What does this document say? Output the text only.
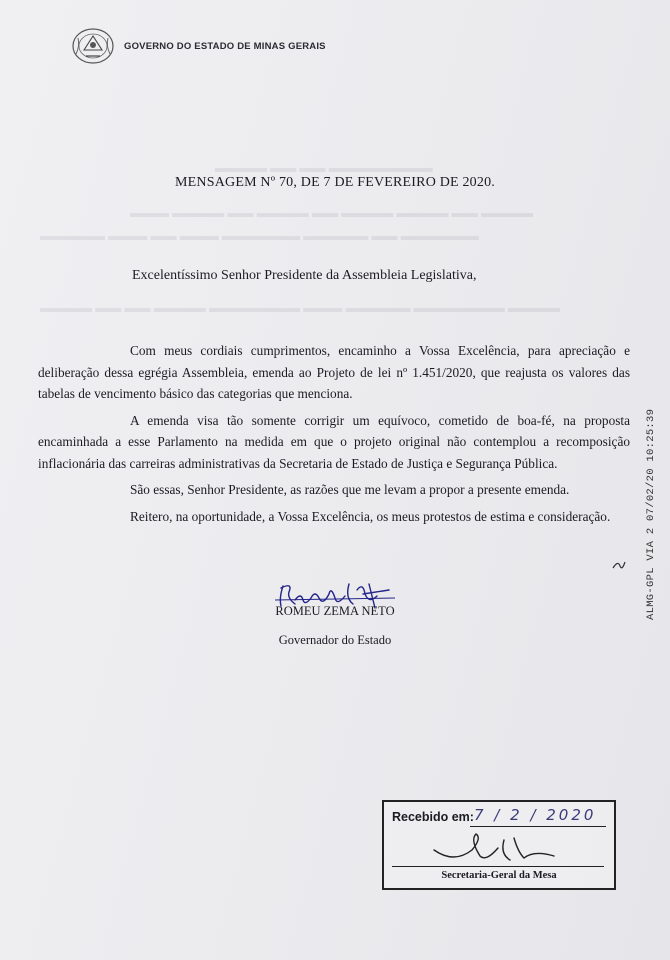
GOVERNO DO ESTADO DE MINAS GERAIS
▬▬▬▬ ▬▬ ▬▬ ▬▬▬▬▬▬▬▬
▬▬▬ ▬▬▬▬ ▬▬ ▬▬▬▬ ▬▬ ▬▬▬▬ ▬▬▬▬ ▬▬ ▬▬▬▬
▬▬▬▬▬ ▬▬▬ ▬▬ ▬▬▬ ▬▬▬▬▬▬ ▬▬▬▬▬ ▬▬ ▬▬▬▬▬▬
▬▬▬▬ ▬▬ ▬▬ ▬▬▬▬ ▬▬▬▬▬▬▬ ▬▬▬ ▬▬▬▬▬ ▬▬▬▬▬▬▬ ▬▬▬▬
MENSAGEM Nº 70, DE 7 DE FEVEREIRO DE 2020.
Excelentíssimo Senhor Presidente da Assembleia Legislativa,

Com meus cordiais cumprimentos, encaminho a Vossa Excelência, para apreciação e deliberação dessa egrégia Assembleia, emenda ao Projeto de lei nº 1.451/2020, que reajusta os valores das tabelas de vencimento básico das categorias que menciona.

A emenda visa tão somente corrigir um equívoco, cometido de boa-fé, na proposta encaminhada a esse Parlamento na medida em que o projeto original não contemplou a recomposição inflacionária das carreiras administrativas da Secretaria de Estado de Justiça e Segurança Pública.

São essas, Senhor Presidente, as razões que me levam a propor a presente emenda.

Reitero, na oportunidade, a Vossa Excelência, os meus protestos de estima e consideração.

ROMEU ZEMA NETO
Governador do Estado
ALMG-GPL VIA 2 07/02/20 10:25:39
Recebido em: 7 / 2 / 2020
Secretaria-Geral da Mesa
